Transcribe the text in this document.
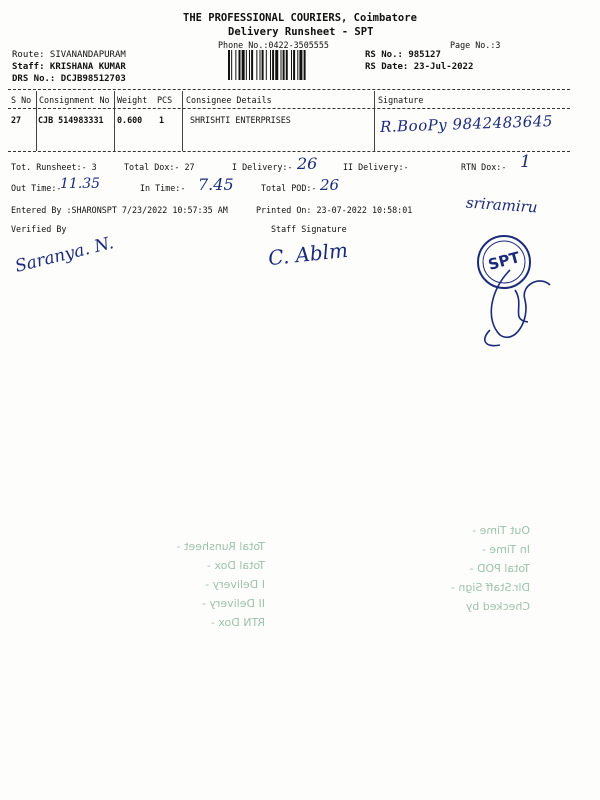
THE PROFESSIONAL COURIERS, Coimbatore
Delivery Runsheet - SPT
Phone No.:0422-3505555	Page No.:3
Route: SIVANANDAPURAM
Staff: KRISHANA KUMAR
DRS No.: DCJB98512703
RS No.: 985127
RS Date: 23-Jul-2022
S No Consignment No Weight PCS Consignee Details	Signature
27 CJB 514983331 0.600 1	SHRISHTI ENTERPRISES	R.BooPy 9842483645
Tot. Runsheet:- 3	Total Dox:- 27	I Delivery:- 26	II Delivery:-	RTN Dox:- 1
Out Time:-
11.35	In Time:- 7.45	Total POD:- 26
Entered By :SHARONSPT 7/23/2022 10:57:35 AM	Printed On: 23-07-2022 10:58:01	sriramiru
Verified By	Staff Signature
Saranya. N.	C. Ablm	SPT
Total Runsheet -
Total Dox -
I Delivery -
II Delivery -
RTN Dox -
Out Time -
In Time -
Total POD -
Dlr.Staff Sign -
Checked by
